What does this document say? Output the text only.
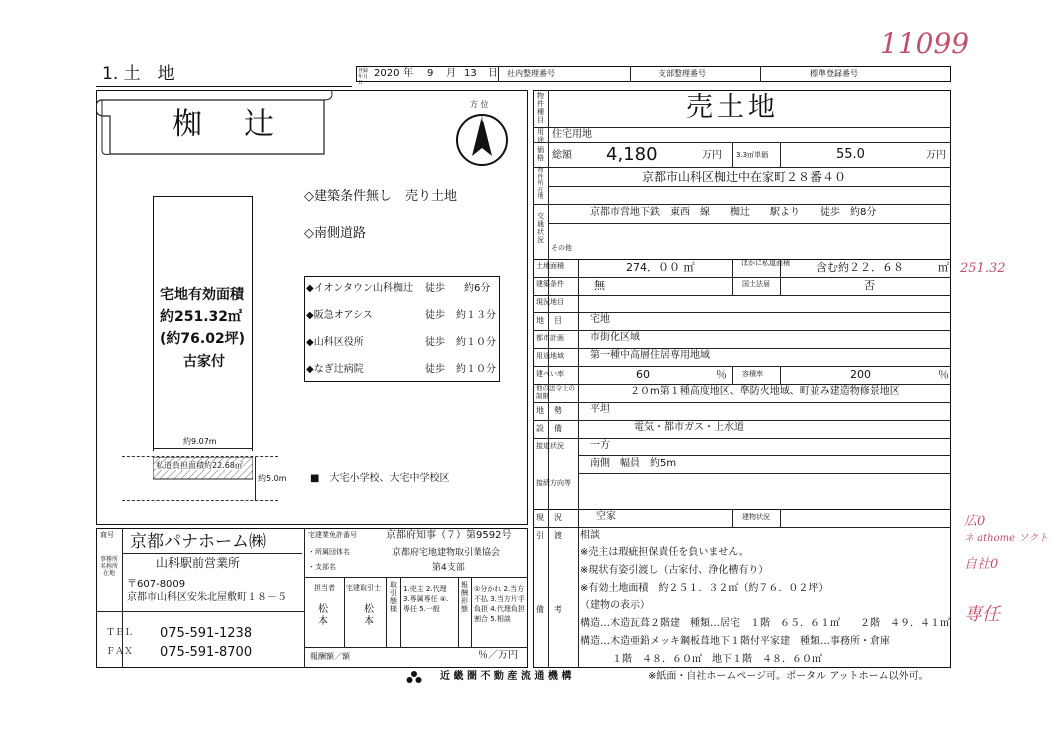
11099
251.32
広0
ネ athome ソクト
自社0
専任
1. 土　地	登録年月日
2020 年 9 月 13 日 社内整理番号	支部整理番号	標準登録番号
椥　辻
方 位
N
◇建築条件無し　売り土地
◇南側道路
宅地有効面積
約251.32㎡
(約76.02坪)
古家付
約9.07m
私道負担面積約22.68㎡
約5.0m
◆イオンタウン山科椥辻 徒歩 約6分
◆阪急オアシス	徒歩 約１３分
◆山科区役所	徒歩 約１０分
◆なぎ辻病院	徒歩 約１０分
■　大宅小学校、大宅中学校区
商号
事務所名称所在地
京都パナホーム㈱
山科駅前営業所
〒607-8009
京都市山科区安朱北屋敷町１８－５
ＴＥＬ 075-591-1238
ＦＡＸ 075-591-8700
宅建業免許番号	京都府知事（７）第9592号
・所属団体名	京都府宅地建物取引業協会
・支部名	第4支部
担当者
松本
宅建取引士
松本
取引態様
1.売主 2.代理 3.専属専任 ④.専任 5.一般
報酬形態
①分かれ 2.当方不払 3.当方片手負担 4.代理負担割合 5.相談
報酬額／額	％／万円
物件種目	売土地
用途 住宅用地
価格 総額 4,180	万円 3.3㎡単価	55.0	万円
物件所在地
京都市山科区椥辻中在家町２８番４０
交通状況
京都市営地下鉄　東西　線　　椥辻　　駅より　　徒歩　約8分
その他
土地面積	274．００ ㎡	ほかに私道面積 含む約２２．６８	㎡
建築条件	無	国土法届	否
現況地目
地目 宅地
都市計画	市街化区域
用途地域	第一種中高層住居専用地域
建ぺい率	60	％ 容積率	200	％
他の法令上の制限	２０m第１種高度地区、準防火地域、町並み建造物修景地区
地勢 平坦
設備	電気・都市ガス・上水道
接道状況	一方
南側　幅員　約5m
接続方向等
現況 空家	建物状況
引渡 相談
備考
※売主は瑕疵担保責任を負いません。
※現状有姿引渡し（古家付、浄化槽有り）
※有効土地面積　約２５１．３２㎡（約７６．０２坪）
（建物の表示）
構造…木造瓦葺２階建　種類…居宅　１階　６５．６１㎡　　２階　４９．４１㎡
構造…木造亜鉛メッキ鋼板葺地下１階付平家建　種類…事務所・倉庫
１階　４８．６０㎡　地下１階　４８．６０㎡
近 畿 圏 不 動 産 流 通 機 構	※紙面・自社ホームページ可。ポータル アットホーム以外可。
